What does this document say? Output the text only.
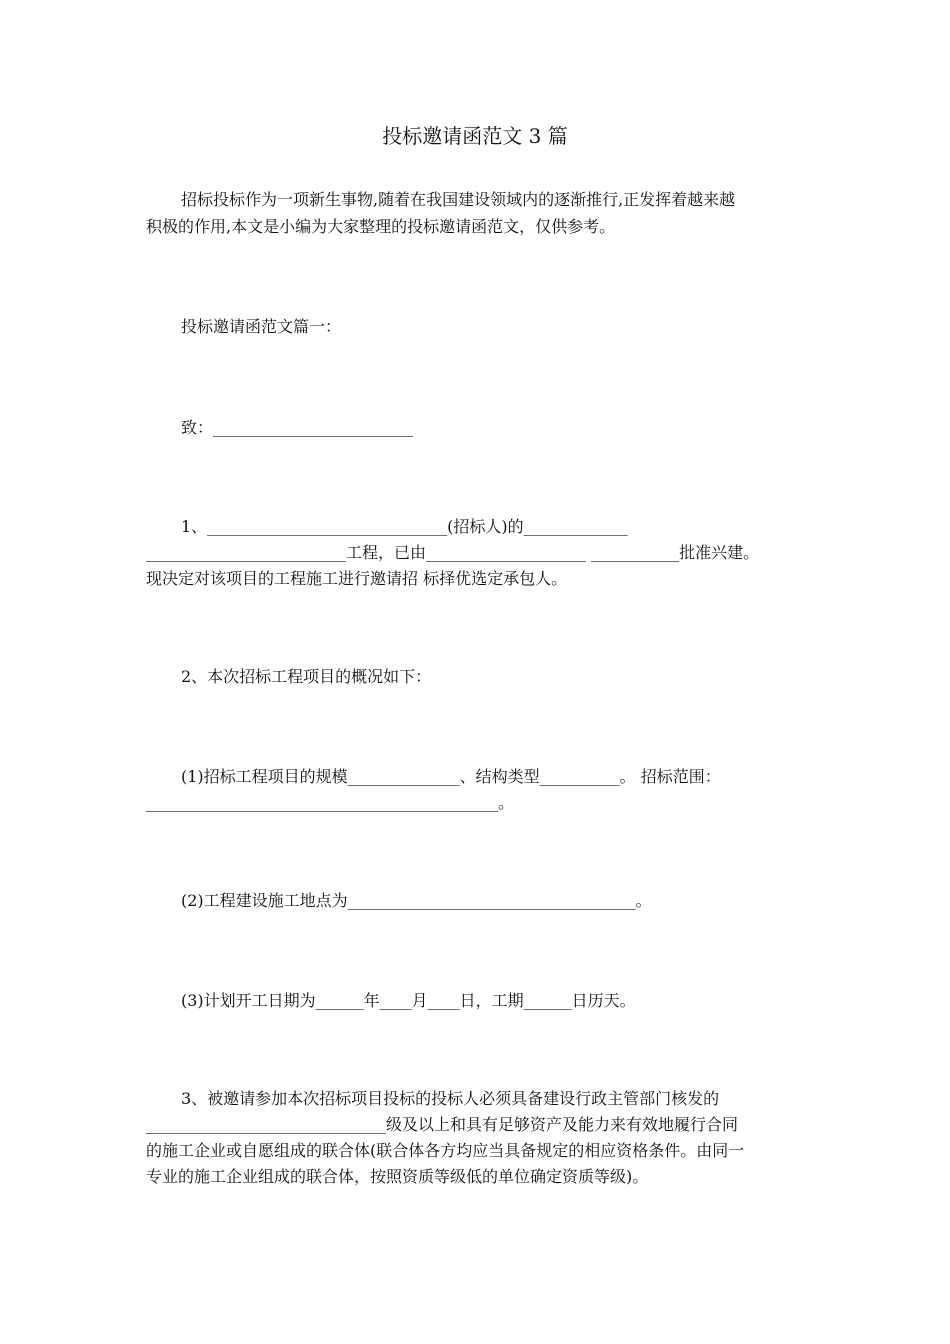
投标邀请函范文 3 篇
招标投标作为一项新生事物,随着在我国建设领域内的逐渐推行,正发挥着越来越
积极的作用,本文是小编为大家整理的投标邀请函范文，仅供参考。
投标邀请函范文篇一：
致：_________________________
1、______________________________(招标人)的_____________
_________________________工程，已由____________________ ___________批准兴建。
现决定对该项目的工程施工进行邀请招 标择优选定承包人。
2、本次招标工程项目的概况如下：
(1)招标工程项目的规模______________、结构类型__________。 招标范围：
____________________________________________。
(2)工程建设施工地点为____________________________________。
(3)计划开工日期为______年____月____日，工期______日历天。
3、被邀请参加本次招标项目投标的投标人必须具备建设行政主管部门核发的
______________________________级及以上和具有足够资产及能力来有效地履行合同
的施工企业或自愿组成的联合体(联合体各方均应当具备规定的相应资格条件。由同一
专业的施工企业组成的联合体，按照资质等级低的单位确定资质等级)。
